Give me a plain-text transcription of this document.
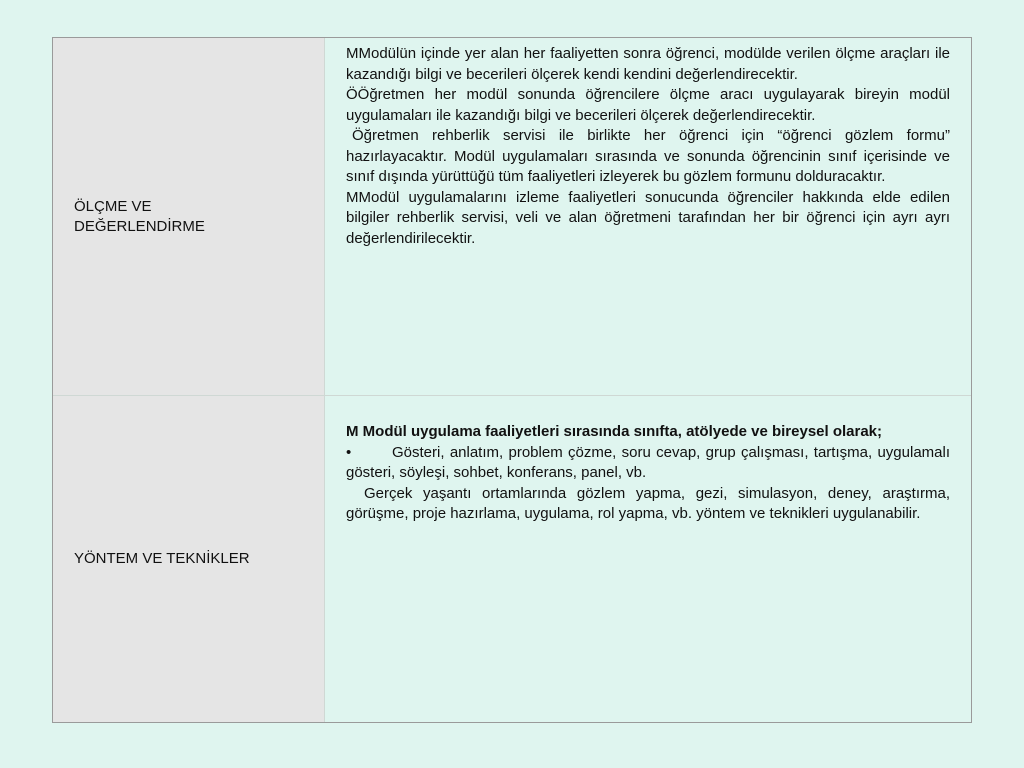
ÖLÇME VE
DEĞERLENDİRME

MModülün içinde yer alan her faaliyetten sonra öğrenci, modülde verilen ölçme araçları ile kazandığı bilgi ve becerileri ölçerek kendi kendini değerlendirecektir.

ÖÖğretmen her modül sonunda öğrencilere ölçme aracı uygulayarak bireyin modül uygulamaları ile kazandığı bilgi ve becerileri ölçerek değerlendirecektir.

Öğretmen rehberlik servisi ile birlikte her öğrenci için “öğrenci gözlem formu” hazırlayacaktır. Modül uygulamaları sırasında ve sonunda öğrencinin sınıf içerisinde ve sınıf dışında yürüttüğü tüm faaliyetleri izleyerek bu gözlem formunu dolduracaktır.

MModül uygulamalarını izleme faaliyetleri sonucunda öğrenciler hakkında elde edilen bilgiler rehberlik servisi, veli ve alan öğretmeni tarafından her bir öğrenci için ayrı ayrı değerlendirilecektir.

YÖNTEM VE TEKNİKLER

M Modül uygulama faaliyetleri sırasında sınıfta, atölyede ve bireysel olarak;

•	Gösteri, anlatım, problem çözme, soru cevap, grup çalışması, tartışma, uygulamalı gösteri, söyleşi, sohbet, konferans, panel, vb.

Gerçek yaşantı ortamlarında gözlem yapma, gezi, simulasyon, deney, araştırma, görüşme, proje hazırlama, uygulama, rol yapma, vb. yöntem ve teknikleri uygulanabilir.
